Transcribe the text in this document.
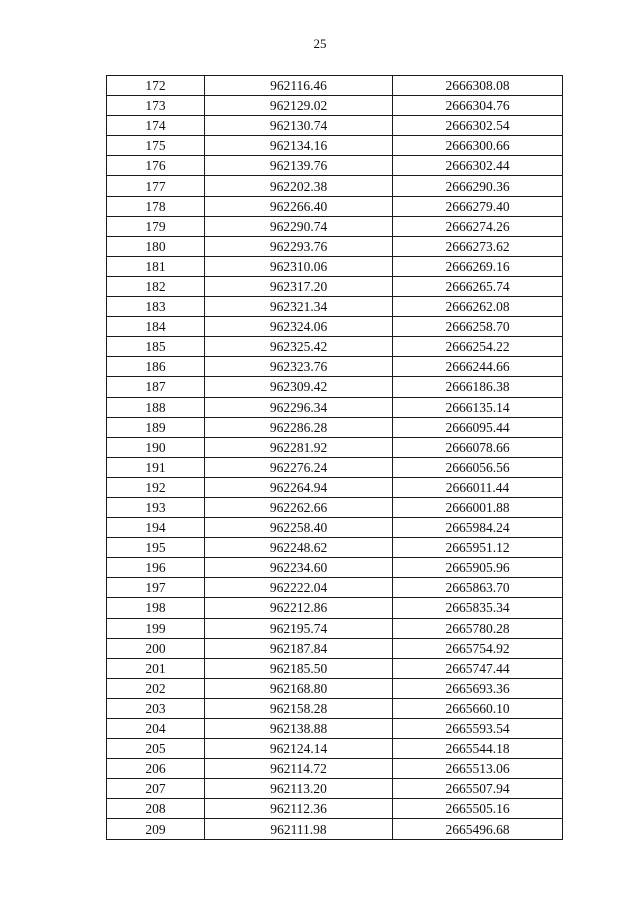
25
172	962116.46	2666308.08
173	962129.02	2666304.76
174	962130.74	2666302.54
175	962134.16	2666300.66
176	962139.76	2666302.44
177	962202.38	2666290.36
178	962266.40	2666279.40
179	962290.74	2666274.26
180	962293.76	2666273.62
181	962310.06	2666269.16
182	962317.20	2666265.74
183	962321.34	2666262.08
184	962324.06	2666258.70
185	962325.42	2666254.22
186	962323.76	2666244.66
187	962309.42	2666186.38
188	962296.34	2666135.14
189	962286.28	2666095.44
190	962281.92	2666078.66
191	962276.24	2666056.56
192	962264.94	2666011.44
193	962262.66	2666001.88
194	962258.40	2665984.24
195	962248.62	2665951.12
196	962234.60	2665905.96
197	962222.04	2665863.70
198	962212.86	2665835.34
199	962195.74	2665780.28
200	962187.84	2665754.92
201	962185.50	2665747.44
202	962168.80	2665693.36
203	962158.28	2665660.10
204	962138.88	2665593.54
205	962124.14	2665544.18
206	962114.72	2665513.06
207	962113.20	2665507.94
208	962112.36	2665505.16
209	962111.98	2665496.68
